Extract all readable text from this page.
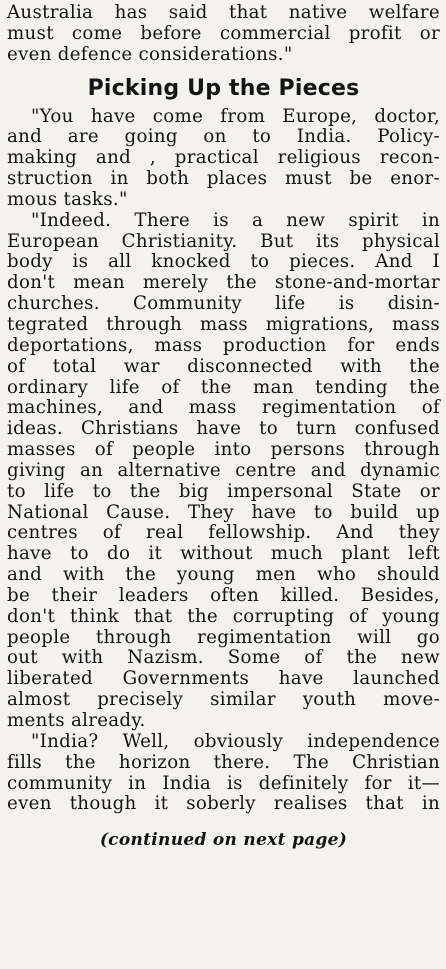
Australia has said that native welfare
must come before commercial profit or
even defence considerations."
Picking Up the Pieces
"You have come from Europe, doctor,
and are going on to India. Policy-
making and , practical religious recon-
struction in both places must be enor-
mous tasks."
"Indeed. There is a new spirit in
European Christianity. But its physical
body is all knocked to pieces. And I
don't mean merely the stone-and-mortar
churches. Community life is disin-
tegrated through mass migrations, mass
deportations, mass production for ends
of total war disconnected with the
ordinary life of the man tending the
machines, and mass regimentation of
ideas. Christians have to turn confused
masses of people into persons through
giving an alternative centre and dynamic
to life to the big impersonal State or
National Cause. They have to build up
centres of real fellowship. And they
have to do it without much plant left
and with the young men who should
be their leaders often killed. Besides,
don't think that the corrupting of young
people through regimentation will go
out with Nazism. Some of the new
liberated Governments have launched
almost precisely similar youth move-
ments already.
"India? Well, obviously independence
fills the horizon there. The Christian
community in India is definitely for it—
even though it soberly realises that in
(continued on next page)
